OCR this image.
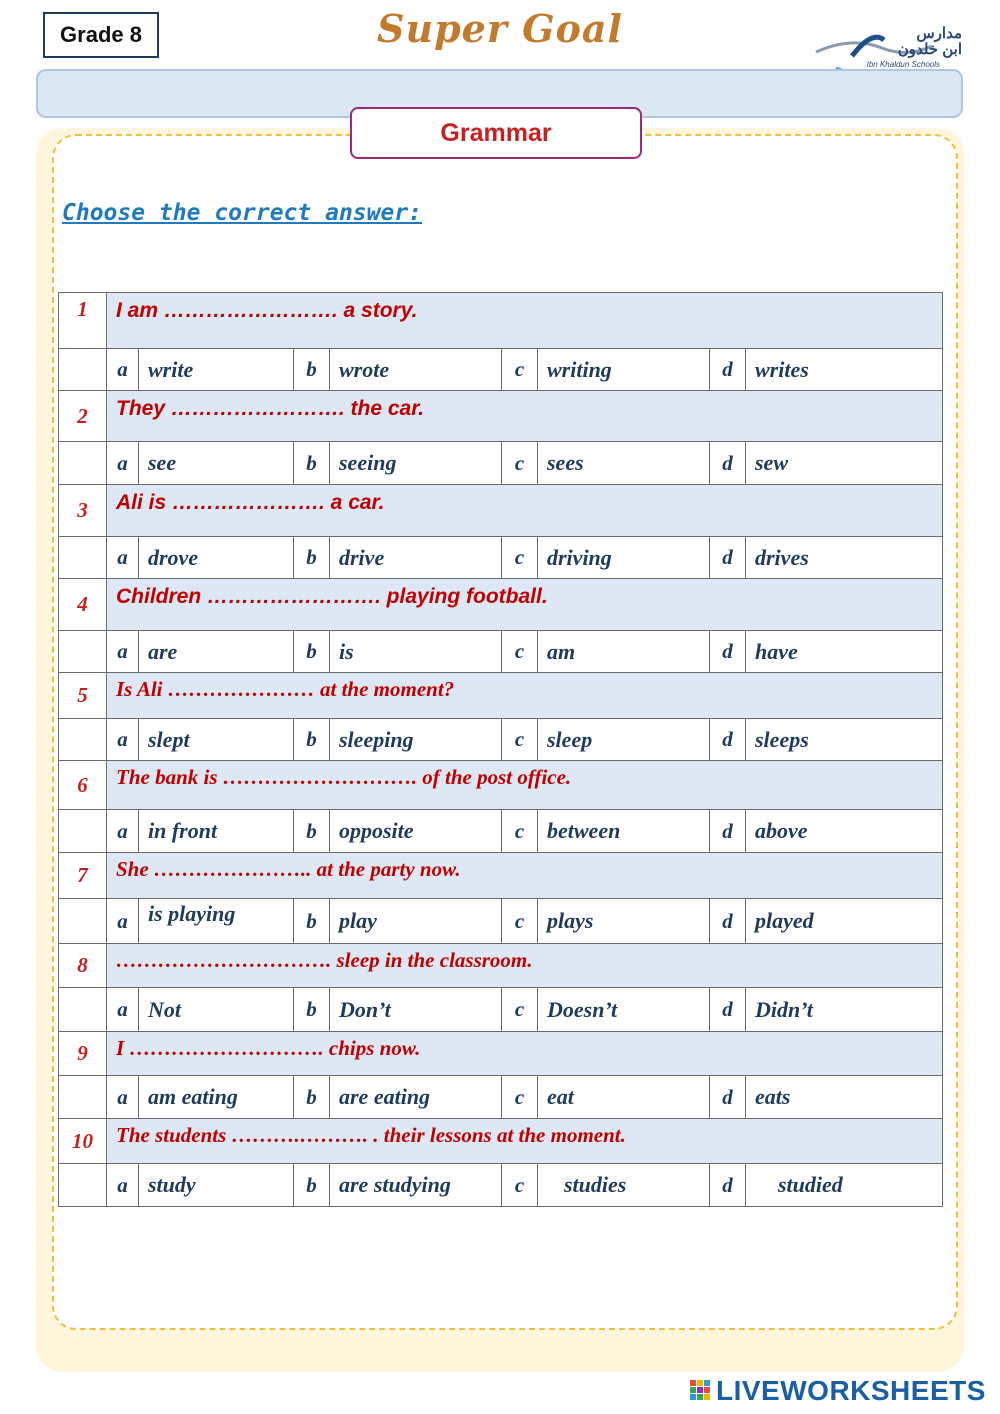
Grade 8	Super Goal	مدارس
ابن خلدون
Ibn Khaldun Schools
Grammar
Choose the correct answer:
1	I am ……………………. a story.							
	a	write	b	wrote	c	writing	d	writes
2	They ……………………. the car.							
	a	see	b	seeing	c	sees	d	sew
3	Ali is …………………. a car.							
	a	drove	b	drive	c	driving	d	drives
4	Children ……………………. playing football.							
	a	are	b	is	c	am	d	have
5	Is Ali ………………… at the moment?							
	a	slept	b	sleeping	c	sleep	d	sleeps
6	The bank is ………………………. of the post office.							
	a	in front	b	opposite	c	between	d	above
7	She ………………….. at the party now.							
	a	is playing	b	play	c	plays	d	played
8	…………………………. sleep in the classroom.							
	a	Not	b	Don’t	c	Doesn’t	d	Didn’t
9	I ………………………. chips now.							
	a	am eating	b	are eating	c	eat	d	eats
10	The students ……….………. . their lessons at the moment.							
	a	study	b	are studying	c	studies	d	studied
LIVEWORKSHEETS
